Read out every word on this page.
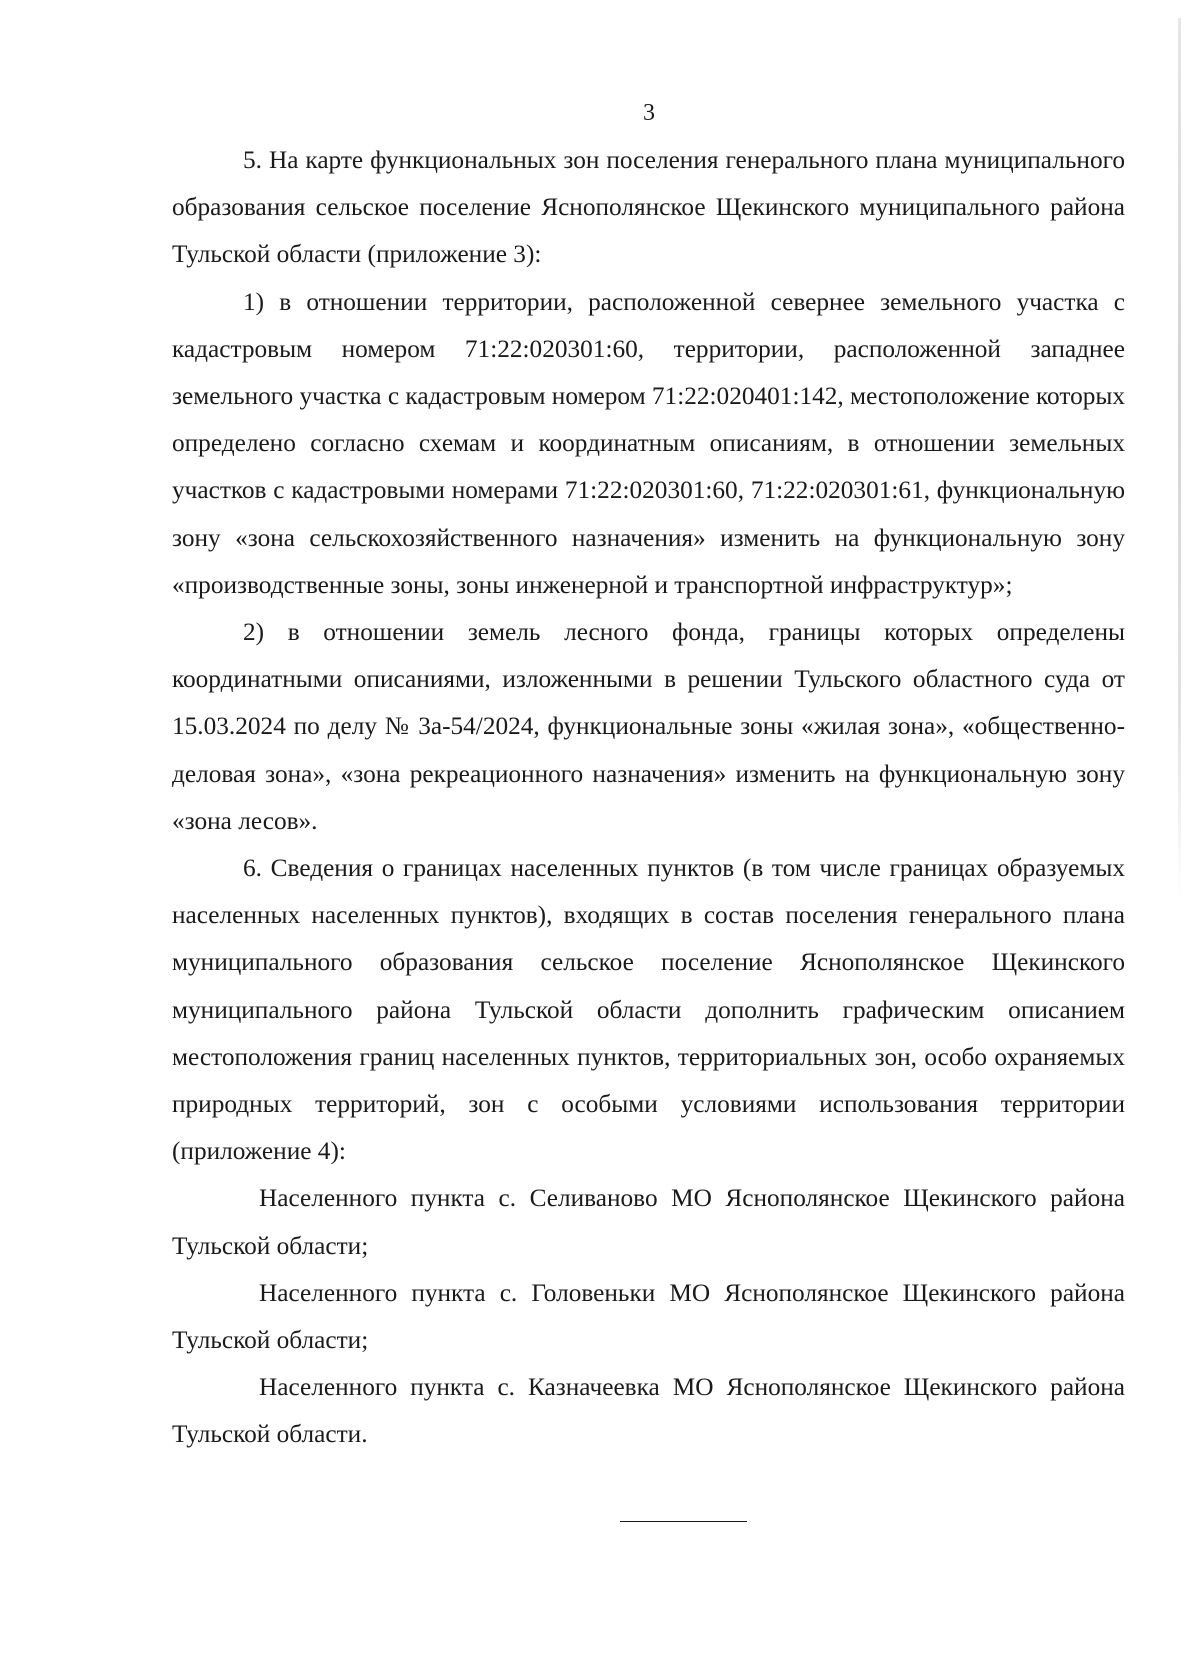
3

5. На карте функциональных зон поселения генерального плана муниципального образования сельское поселение Яснополянское Щекинского муниципального района Тульской области (приложение 3):

1) в отношении территории, расположенной севернее земельного участка с кадастровым номером 71:22:020301:60, территории, расположенной западнее земельного участка с кадастровым номером 71:22:020401:142, местоположение которых определено согласно схемам и координатным описаниям, в отношении земельных участков с кадастровыми номерами 71:22:020301:60, 71:22:020301:61, функциональную зону «зона сельскохозяйственного назначения» изменить на функциональную зону «производственные зоны, зоны инженерной и транспортной инфраструктур»;

2) в отношении земель лесного фонда, границы которых определены координатными описаниями, изложенными в решении Тульского областного суда от 15.03.2024 по делу № 3а-54/2024, функциональные зоны «жилая зона», «общественно-деловая зона», «зона рекреационного назначения» изменить на функциональную зону «зона лесов».

6. Сведения о границах населенных пунктов (в том числе границах образуемых населенных населенных пунктов), входящих в состав поселения генерального плана муниципального образования сельское поселение Яснополянское Щекинского муниципального района Тульской области дополнить графическим описанием местоположения границ населенных пунктов, территориальных зон, особо охраняемых природных территорий, зон с особыми условиями использования территории (приложение 4):

Населенного пункта с. Селиваново МО Яснополянское Щекинского района Тульской области;

Населенного пункта с. Головеньки МО Яснополянское Щекинского района Тульской области;

Населенного пункта с. Казначеевка МО Яснополянское Щекинского района Тульской области.
